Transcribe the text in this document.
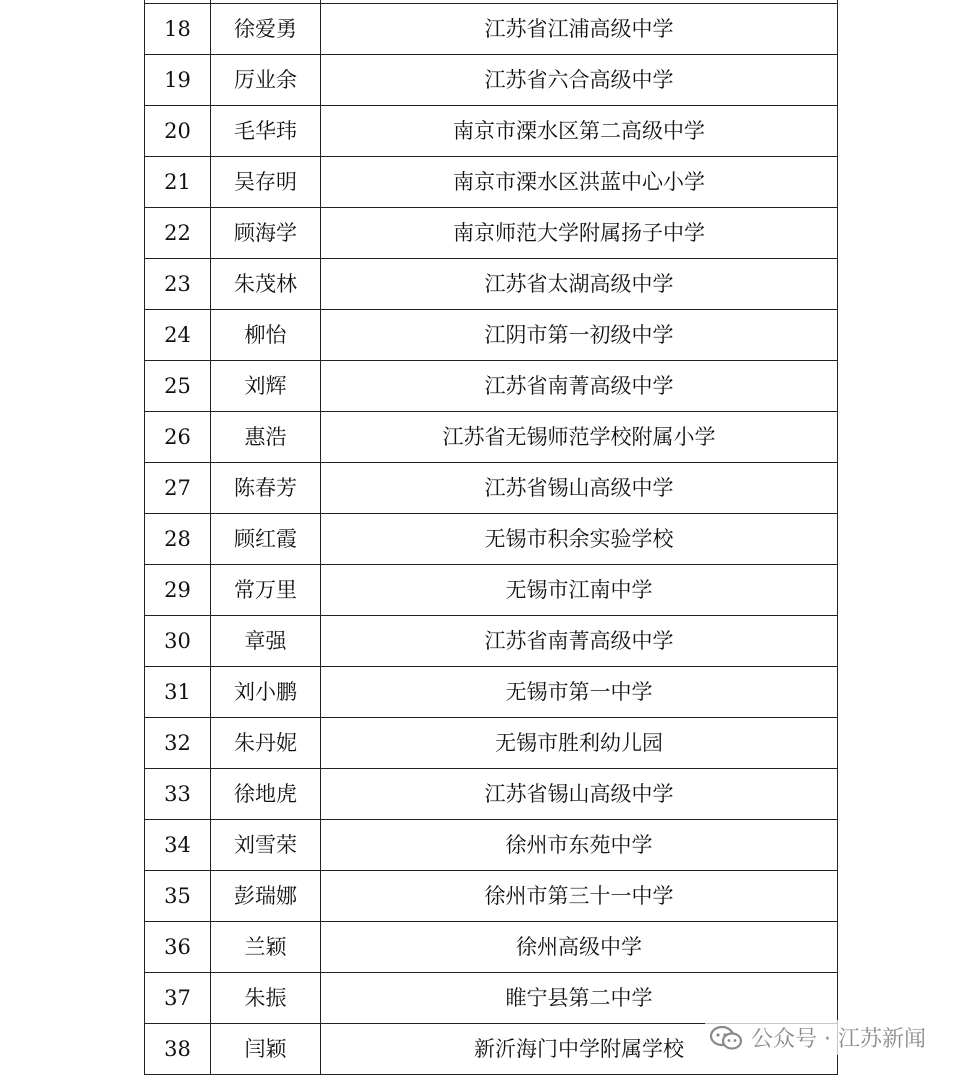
18	徐爱勇	江苏省江浦高级中学
19	厉业余	江苏省六合高级中学
20	毛华玮	南京市溧水区第二高级中学
21	吴存明	南京市溧水区洪蓝中心小学
22	顾海学	南京师范大学附属扬子中学
23	朱茂林	江苏省太湖高级中学
24	柳怡	江阴市第一初级中学
25	刘辉	江苏省南菁高级中学
26	惠浩	江苏省无锡师范学校附属小学
27	陈春芳	江苏省锡山高级中学
28	顾红霞	无锡市积余实验学校
29	常万里	无锡市江南中学
30	章强	江苏省南菁高级中学
31	刘小鹏	无锡市第一中学
32	朱丹妮	无锡市胜利幼儿园
33	徐地虎	江苏省锡山高级中学
34	刘雪荣	徐州市东苑中学
35	彭瑞娜	徐州市第三十一中学
36	兰颖	徐州高级中学
37	朱振	睢宁县第二中学
38	闫颖	新沂海门中学附属学校	公众号 · 江苏新闻
